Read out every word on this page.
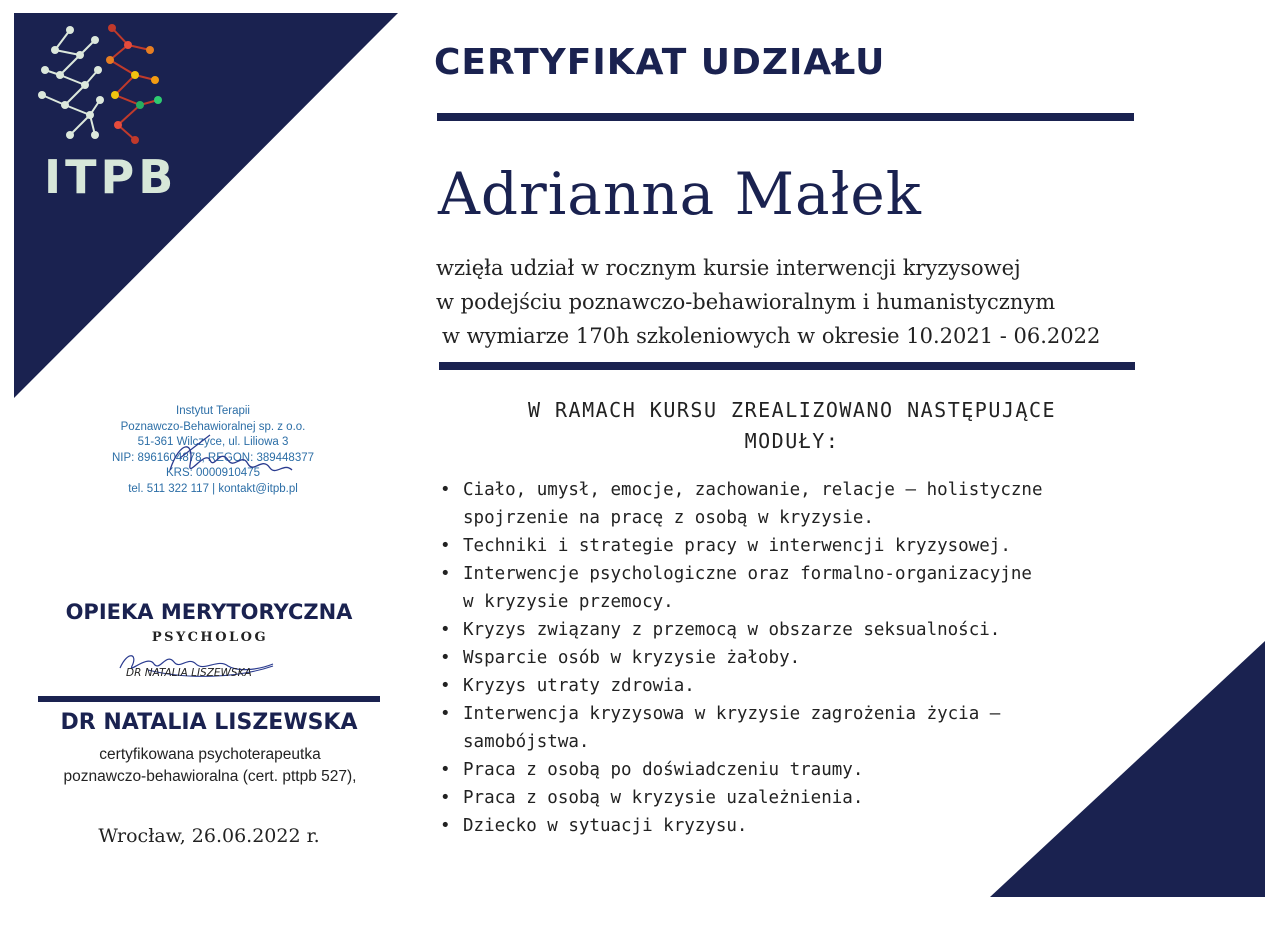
ITPB
CERTYFIKAT UDZIAŁU
Adrianna Małek
wzięła udział w rocznym kursie interwencji kryzysowej
w podejściu poznawczo-behawioralnym i humanistycznym
w wymiarze 170h szkoleniowych w okresie 10.2021 - 06.2022
W RAMACH KURSU ZREALIZOWANO NASTĘPUJĄCE
MODUŁY:
• Ciało, umysł, emocje, zachowanie, relacje – holistyczne
spojrzenie na pracę z osobą w kryzysie.
• Techniki i strategie pracy w interwencji kryzysowej.
• Interwencje psychologiczne oraz formalno-organizacyjne
w kryzysie przemocy.
• Kryzys związany z przemocą w obszarze seksualności.
• Wsparcie osób w kryzysie żałoby.
• Kryzys utraty zdrowia.
• Interwencja kryzysowa w kryzysie zagrożenia życia –
samobójstwa.
• Praca z osobą po doświadczeniu traumy.
• Praca z osobą w kryzysie uzależnienia.
• Dziecko w sytuacji kryzysu.
Instytut Terapii
Poznawczo-Behawioralnej sp. z o.o.
51-361 Wilczyce, ul. Liliowa 3
NIP: 8961604878, REGON: 389448377
KRS: 0000910475
tel. 511 322 117 | kontakt@itpb.pl
OPIEKA MERYTORYCZNA
PSYCHOLOG
DR NATALIA LISZEWSKA
DR NATALIA LISZEWSKA
certyfikowana psychoterapeutka
poznawczo-behawioralna (cert. pttpb 527),
Wrocław, 26.06.2022 r.
